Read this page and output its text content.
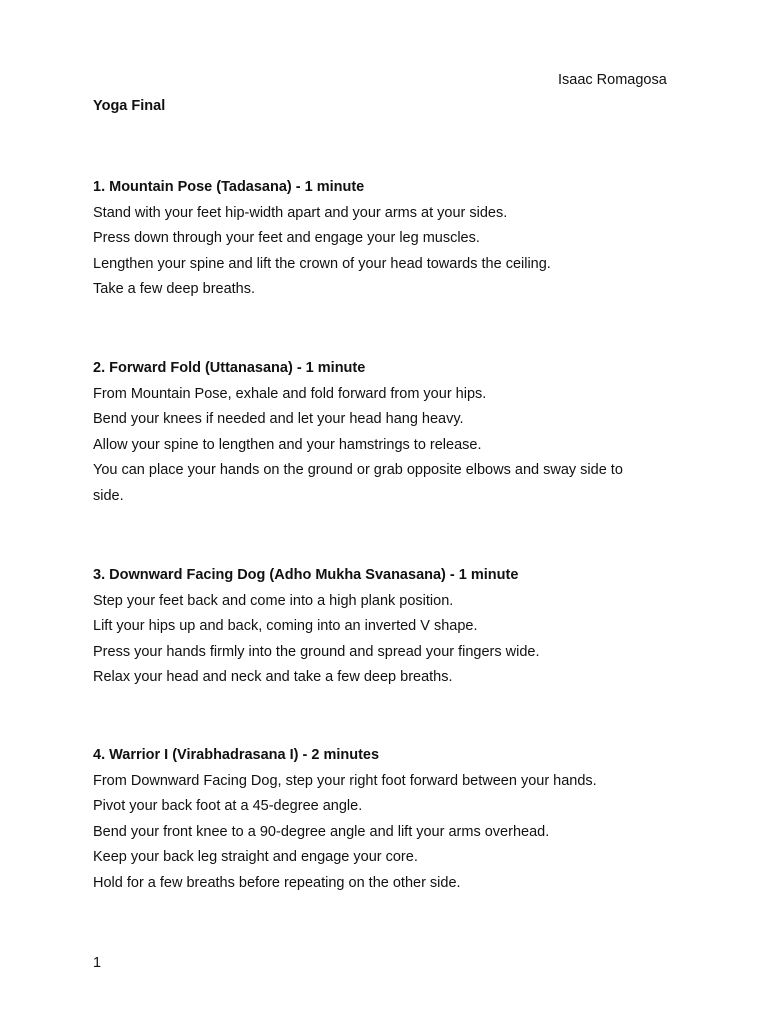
Isaac Romagosa
Yoga Final
1. Mountain Pose (Tadasana) - 1 minute

Stand with your feet hip-width apart and your arms at your sides.

Press down through your feet and engage your leg muscles.

Lengthen your spine and lift the crown of your head towards the ceiling.

Take a few deep breaths.

2. Forward Fold (Uttanasana) - 1 minute

From Mountain Pose, exhale and fold forward from your hips.

Bend your knees if needed and let your head hang heavy.

Allow your spine to lengthen and your hamstrings to release.

You can place your hands on the ground or grab opposite elbows and sway side to

side.

3. Downward Facing Dog (Adho Mukha Svanasana) - 1 minute

Step your feet back and come into a high plank position.

Lift your hips up and back, coming into an inverted V shape.

Press your hands firmly into the ground and spread your fingers wide.

Relax your head and neck and take a few deep breaths.

4. Warrior I (Virabhadrasana I) - 2 minutes

From Downward Facing Dog, step your right foot forward between your hands.

Pivot your back foot at a 45-degree angle.

Bend your front knee to a 90-degree angle and lift your arms overhead.

Keep your back leg straight and engage your core.

Hold for a few breaths before repeating on the other side.

1
